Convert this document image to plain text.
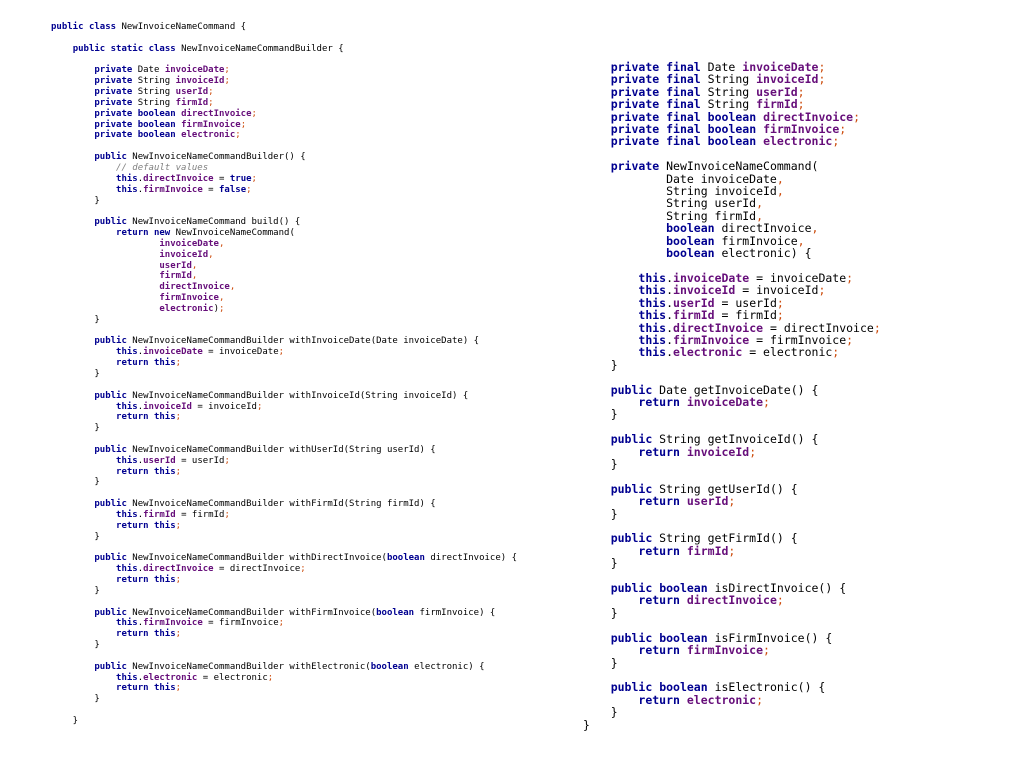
public class NewInvoiceNameCommand {

public static class NewInvoiceNameCommandBuilder {

private Date invoiceDate;
private String invoiceId;
private String userId;
private String firmId;
private boolean directInvoice;
private boolean firmInvoice;
private boolean electronic;

public NewInvoiceNameCommandBuilder() {
// default values
this.directInvoice = true;
this.firmInvoice = false;
}

public NewInvoiceNameCommand build() {
return new NewInvoiceNameCommand(
invoiceDate,
invoiceId,
userId,
firmId,
directInvoice,
firmInvoice,
electronic);
}

public NewInvoiceNameCommandBuilder withInvoiceDate(Date invoiceDate) {
this.invoiceDate = invoiceDate;
return this;
}

public NewInvoiceNameCommandBuilder withInvoiceId(String invoiceId) {
this.invoiceId = invoiceId;
return this;
}

public NewInvoiceNameCommandBuilder withUserId(String userId) {
this.userId = userId;
return this;
}

public NewInvoiceNameCommandBuilder withFirmId(String firmId) {
this.firmId = firmId;
return this;
}

public NewInvoiceNameCommandBuilder withDirectInvoice(boolean directInvoice) {
this.directInvoice = directInvoice;
return this;
}

public NewInvoiceNameCommandBuilder withFirmInvoice(boolean firmInvoice) {
this.firmInvoice = firmInvoice;
return this;
}

public NewInvoiceNameCommandBuilder withElectronic(boolean electronic) {
this.electronic = electronic;
return this;
}

}
private final Date invoiceDate;
private final String invoiceId;
private final String userId;
private final String firmId;
private final boolean directInvoice;
private final boolean firmInvoice;
private final boolean electronic;

private NewInvoiceNameCommand(
Date invoiceDate,
String invoiceId,
String userId,
String firmId,
boolean directInvoice,
boolean firmInvoice,
boolean electronic) {

this.invoiceDate = invoiceDate;
this.invoiceId = invoiceId;
this.userId = userId;
this.firmId = firmId;
this.directInvoice = directInvoice;
this.firmInvoice = firmInvoice;
this.electronic = electronic;
}

public Date getInvoiceDate() {
return invoiceDate;
}

public String getInvoiceId() {
return invoiceId;
}

public String getUserId() {
return userId;
}

public String getFirmId() {
return firmId;
}

public boolean isDirectInvoice() {
return directInvoice;
}

public boolean isFirmInvoice() {
return firmInvoice;
}

public boolean isElectronic() {
return electronic;
}
}
